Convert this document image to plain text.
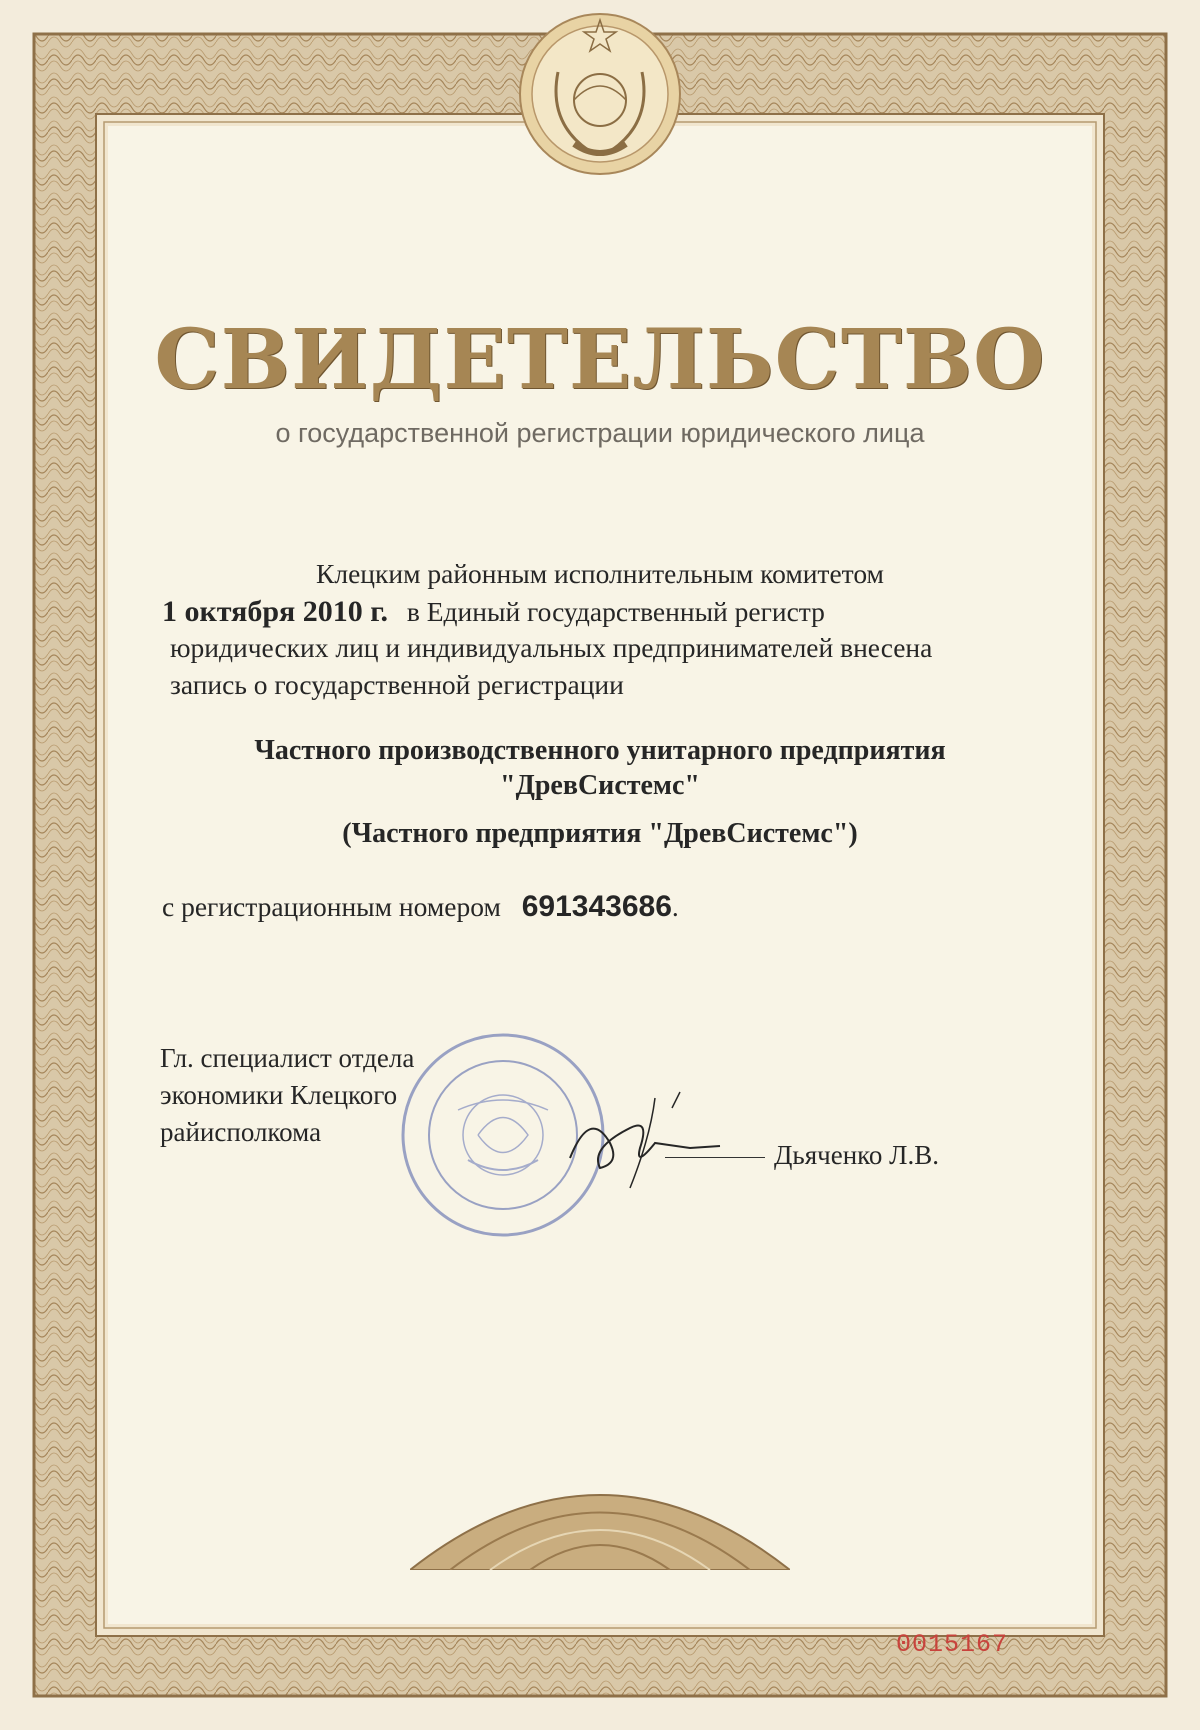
СВИДЕТЕЛЬСТВО
о государственной регистрации юридического лица
Клецким районным исполнительным комитетом
1 октября 2010 г. в Единый государственный регистр
юридических лиц и индивидуальных предпринимателей внесена
запись о государственной регистрации
Частного производственного унитарного предприятия
"ДревСистемс"
(Частного предприятия "ДревСистемс")
с регистрационным номером 691343686.
Гл. специалист отдела
экономики Клецкого
райисполкома
Дьяченко Л.В.
0015167
